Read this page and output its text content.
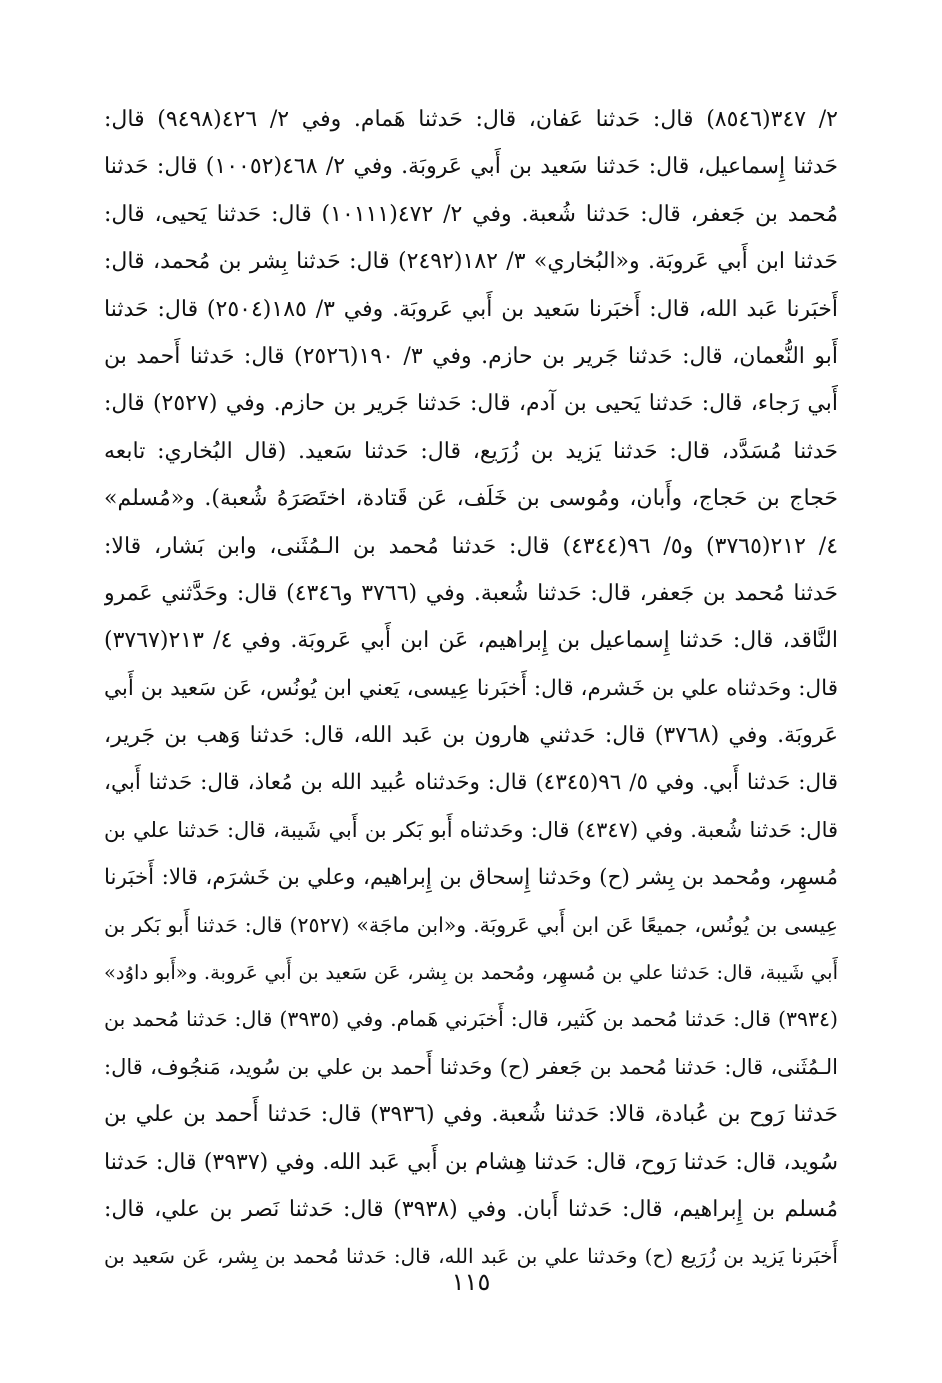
٢/ ٣٤٧(٨٥٤٦) قال: حَدثنا عَفان، قال: حَدثنا هَمام. وفي ٢/ ٤٢٦(٩٤٩٨) قال:
حَدثنا إِسماعيل، قال: حَدثنا سَعيد بن أَبي عَروبَة. وفي ٢/ ٤٦٨(١٠٠٥٢) قال: حَدثنا
مُحمد بن جَعفر، قال: حَدثنا شُعبة. وفي ٢/ ٤٧٢(١٠١١١) قال: حَدثنا يَحيى، قال:
حَدثنا ابن أَبي عَروبَة. و«البُخاري» ٣/ ١٨٢(٢٤٩٢) قال: حَدثنا بِشر بن مُحمد، قال:
أَخبَرنا عَبد الله، قال: أَخبَرنا سَعيد بن أَبي عَروبَة. وفي ٣/ ١٨٥(٢٥٠٤) قال: حَدثنا
أَبو النُّعمان، قال: حَدثنا جَرير بن حازم. وفي ٣/ ١٩٠(٢٥٢٦) قال: حَدثنا أَحمد بن
أَبي رَجاء، قال: حَدثنا يَحيى بن آدم، قال: حَدثنا جَرير بن حازم. وفي (٢٥٢٧) قال:
حَدثنا مُسَدَّد، قال: حَدثنا يَزيد بن زُرَيع، قال: حَدثنا سَعيد. (قال البُخاري: تابعه
حَجاج بن حَجاج، وأَبان، ومُوسى بن خَلَف، عَن قَتادة، اختَصَرَهُ شُعبة). و«مُسلم»
٤/ ٢١٢(٣٧٦٥) و٥/ ٩٦(٤٣٤٤) قال: حَدثنا مُحمد بن الـمُثَنى، وابن بَشار، قالا:
حَدثنا مُحمد بن جَعفر، قال: حَدثنا شُعبة. وفي (٣٧٦٦ و٤٣٤٦) قال: وحَدَّثني عَمرو
النَّاقد، قال: حَدثنا إِسماعيل بن إِبراهيم، عَن ابن أَبي عَروبَة. وفي ٤/ ٢١٣(٣٧٦٧)
قال: وحَدثناه علي بن خَشرم، قال: أَخبَرنا عِيسى، يَعني ابن يُونُس، عَن سَعيد بن أَبي
عَروبَة. وفي (٣٧٦٨) قال: حَدثني هارون بن عَبد الله، قال: حَدثنا وَهب بن جَرير،
قال: حَدثنا أَبي. وفي ٥/ ٩٦(٤٣٤٥) قال: وحَدثناه عُبيد الله بن مُعاذ، قال: حَدثنا أَبي،
قال: حَدثنا شُعبة. وفي (٤٣٤٧) قال: وحَدثناه أَبو بَكر بن أَبي شَيبة، قال: حَدثنا علي بن
مُسهِر، ومُحمد بن بِشر (ح) وحَدثنا إِسحاق بن إِبراهيم، وعلي بن خَشرَم، قالا: أَخبَرنا
عِيسى بن يُونُس، جميعًا عَن ابن أَبي عَروبَة. و«ابن ماجَة» (٢٥٢٧) قال: حَدثنا أَبو بَكر بن
أَبي شَيبة، قال: حَدثنا علي بن مُسهِر، ومُحمد بن بِشر، عَن سَعيد بن أَبي عَروبة. و«أَبو داوُد»
(٣٩٣٤) قال: حَدثنا مُحمد بن كَثير، قال: أَخبَرني هَمام. وفي (٣٩٣٥) قال: حَدثنا مُحمد بن
الـمُثَنى، قال: حَدثنا مُحمد بن جَعفر (ح) وحَدثنا أَحمد بن علي بن سُويد، مَنجُوف، قال:
حَدثنا رَوح بن عُبادة، قالا: حَدثنا شُعبة. وفي (٣٩٣٦) قال: حَدثنا أَحمد بن علي بن
سُويد، قال: حَدثنا رَوح، قال: حَدثنا هِشام بن أَبي عَبد الله. وفي (٣٩٣٧) قال: حَدثنا
مُسلم بن إِبراهيم، قال: حَدثنا أَبان. وفي (٣٩٣٨) قال: حَدثنا نَصر بن علي، قال:
أَخبَرنا يَزيد بن زُرَيع (ح) وحَدثنا علي بن عَبد الله، قال: حَدثنا مُحمد بن بِشر، عَن سَعيد بن
١١٥
